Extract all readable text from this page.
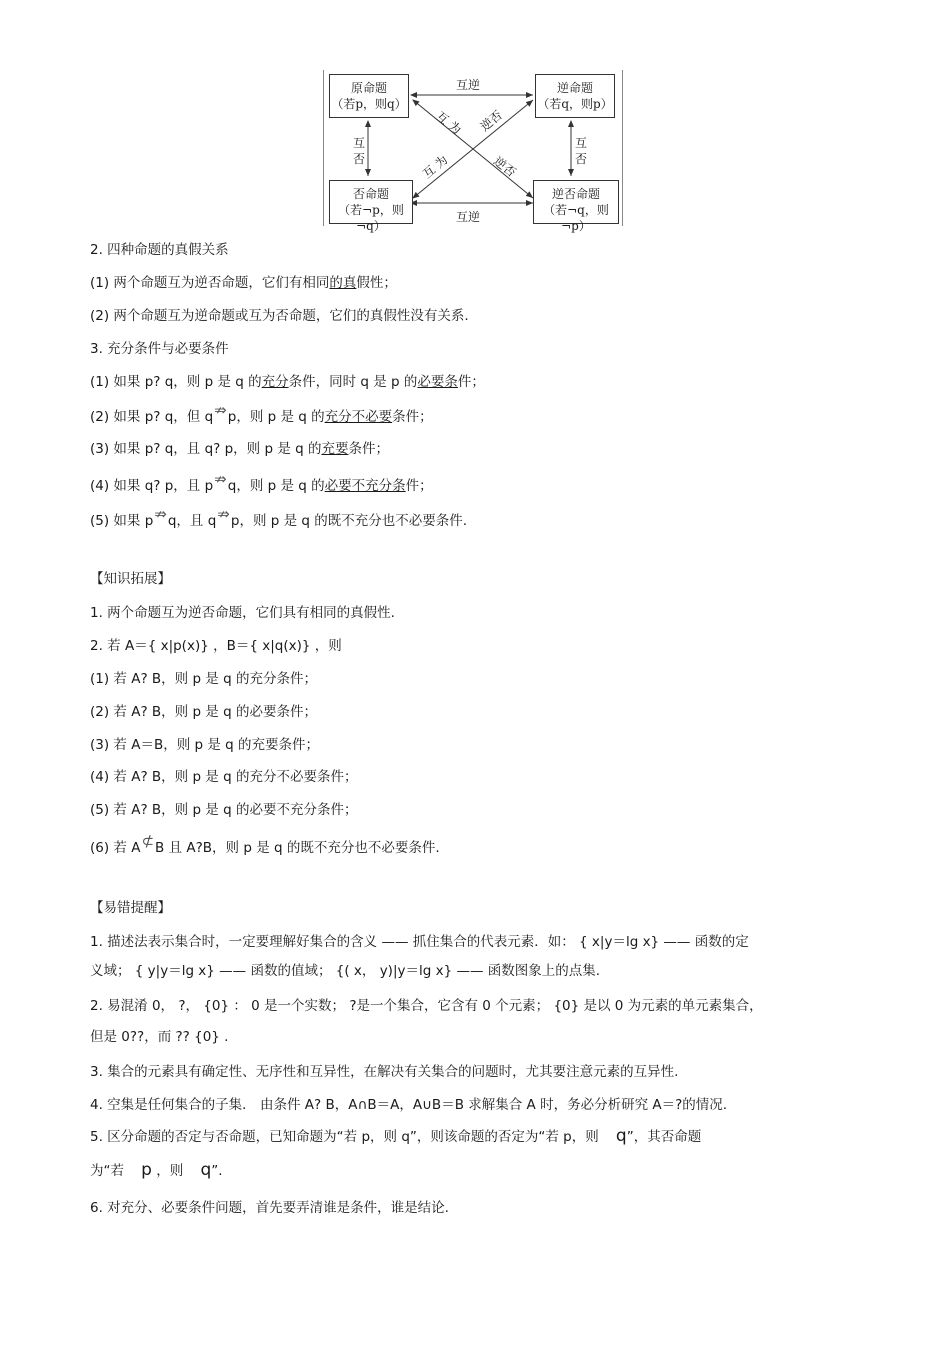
原命题
（若p，则q）
逆命题
（若q，则p）
否命题
（若¬p，则¬q）
逆否命题
（若¬q，则¬p）
互逆
互逆
互
否
互
否
互 为 逆否
互 为	逆否
2. 四种命题的真假关系
(1) 两个命题互为逆否命题，它们有相同的真假性；
(2) 两个命题互为逆命题或互为否命题，它们的真假性没有关系.
3. 充分条件与必要条件
(1) 如果 p? q，则 p 是 q 的充分条件，同时 q 是 p 的必要条件；
(2) 如果 p? q，但 q⇏p，则 p 是 q 的充分不必要条件；
(3) 如果 p? q，且 q? p，则 p 是 q 的充要条件；
(4) 如果 q? p，且 p⇏q，则 p 是 q 的必要不充分条件；
(5) 如果 p⇏q，且 q⇏p，则 p 是 q 的既不充分也不必要条件.
【知识拓展】
1. 两个命题互为逆否命题，它们具有相同的真假性.
2. 若 A＝{ x|p(x)} ，B＝{ x|q(x)} ，则
(1) 若 A? B，则 p 是 q 的充分条件；
(2) 若 A? B，则 p 是 q 的必要条件；
(3) 若 A＝B，则 p 是 q 的充要条件；
(4) 若 A? B，则 p 是 q 的充分不必要条件；
(5) 若 A? B，则 p 是 q 的必要不充分条件；
(6) 若 A⊄B 且 A?B，则 p 是 q 的既不充分也不必要条件.
【易错提醒】
1. 描述法表示集合时，一定要理解好集合的含义 —— 抓住集合的代表元素．如： { x|y＝lg x} —— 函数的定
义域； { y|y＝lg x} —— 函数的值域； {( x， y)|y＝lg x} —— 函数图象上的点集.
2. 易混淆 0， ?， {0} ： 0 是一个实数； ?是一个集合，它含有 0 个元素； {0} 是以 0 为元素的单元素集合，
但是 0??，而 ?? {0} .
3. 集合的元素具有确定性、无序性和互异性，在解决有关集合的问题时，尤其要注意元素的互异性.
4. 空集是任何集合的子集． 由条件 A? B，A∩B＝A，A∪B＝B 求解集合 A 时，务必分析研究 A＝?的情况.
5. 区分命题的否定与否命题，已知命题为“若 p，则 q”，则该命题的否定为“若 p，则 q”，其否命题
为“若 p ，则 q”.
6. 对充分、必要条件问题，首先要弄清谁是条件，谁是结论.
